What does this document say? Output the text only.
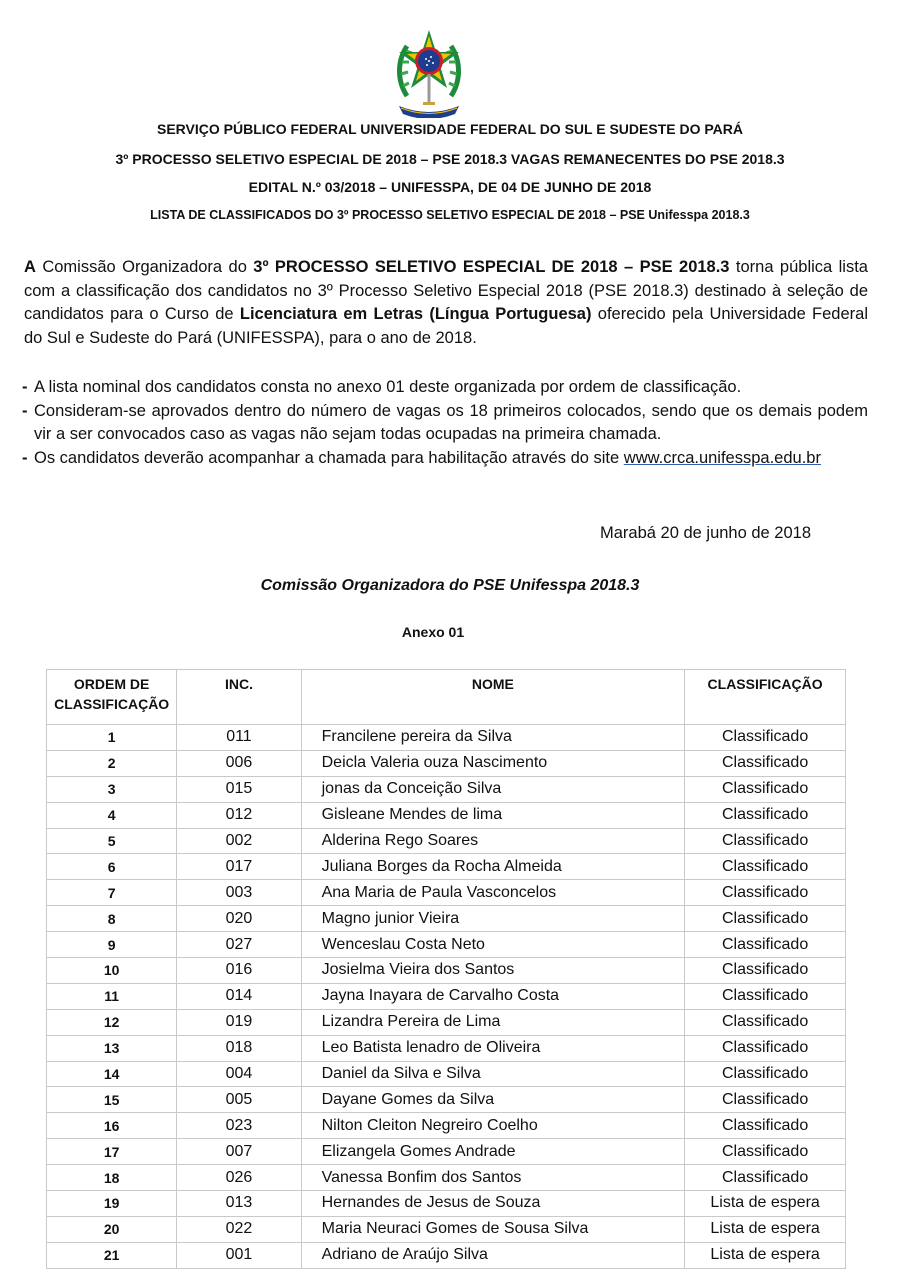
SERVIÇO PÚBLICO FEDERAL UNIVERSIDADE FEDERAL DO SUL E SUDESTE DO PARÁ
3º PROCESSO SELETIVO ESPECIAL DE 2018 – PSE 2018.3 VAGAS REMANECENTES DO PSE 2018.3
EDITAL N.º 03/2018 – UNIFESSPA, DE 04 DE JUNHO DE 2018
LISTA DE CLASSIFICADOS DO 3º PROCESSO SELETIVO ESPECIAL DE 2018 – PSE Unifesspa 2018.3
A Comissão Organizadora do 3º PROCESSO SELETIVO ESPECIAL DE 2018 – PSE 2018.3 torna pública lista com a classificação dos candidatos no 3º Processo Seletivo Especial 2018 (PSE 2018.3) destinado à seleção de candidatos para o Curso de Licenciatura em Letras (Língua Portuguesa) oferecido pela Universidade Federal do Sul e Sudeste do Pará (UNIFESSPA), para o ano de 2018.
- A lista nominal dos candidatos consta no anexo 01 deste organizada por ordem de classificação.
- Consideram-se aprovados dentro do número de vagas os 18 primeiros colocados, sendo que os demais podem vir a ser convocados caso as vagas não sejam todas ocupadas na primeira chamada.
- Os candidatos deverão acompanhar a chamada para habilitação através do site www.crca.unifesspa.edu.br
Marabá 20 de junho de 2018
Comissão Organizadora do PSE Unifesspa 2018.3
Anexo 01
ORDEM DE
CLASSIFICAÇÃO	INC.	NOME	CLASSIFICAÇÃO
1	011	Francilene pereira da Silva	Classificado
2	006	Deicla Valeria ouza Nascimento	Classificado
3	015	jonas da Conceição Silva	Classificado
4	012	Gisleane Mendes de lima	Classificado
5	002	Alderina Rego Soares	Classificado
6	017	Juliana Borges da Rocha Almeida	Classificado
7	003	Ana Maria de Paula Vasconcelos	Classificado
8	020	Magno junior Vieira	Classificado
9	027	Wenceslau Costa Neto	Classificado
10	016	Josielma Vieira dos Santos	Classificado
11	014	Jayna Inayara de Carvalho Costa	Classificado
12	019	Lizandra Pereira de Lima	Classificado
13	018	Leo Batista lenadro de Oliveira	Classificado
14	004	Daniel da Silva e Silva	Classificado
15	005	Dayane Gomes da Silva	Classificado
16	023	Nilton Cleiton Negreiro Coelho	Classificado
17	007	Elizangela Gomes Andrade	Classificado
18	026	Vanessa Bonfim dos Santos	Classificado
19	013	Hernandes de Jesus de Souza	Lista de espera
20	022	Maria Neuraci Gomes de Sousa Silva	Lista de espera
21	001	Adriano de Araújo Silva	Lista de espera
